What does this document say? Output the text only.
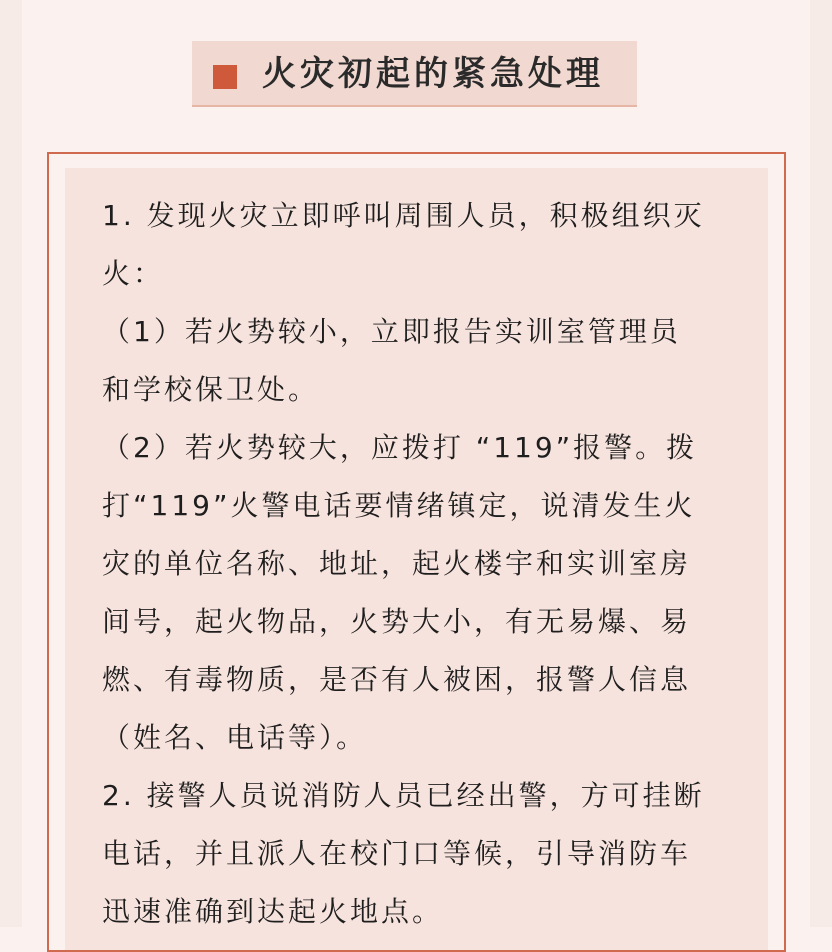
火灾初起的紧急处理

1. 发现火灾立即呼叫周围人员，积极组织灭
火：

（1）若火势较小，立即报告实训室管理员
和学校保卫处。

（2）若火势较大，应拨打 “119”报警。拨
打“119”火警电话要情绪镇定，说清发生火
灾的单位名称、地址，起火楼宇和实训室房
间号，起火物品，火势大小，有无易爆、易
燃、有毒物质，是否有人被困，报警人信息
（姓名、电话等）。

2. 接警人员说消防人员已经出警，方可挂断
电话，并且派人在校门口等候，引导消防车
迅速准确到达起火地点。
